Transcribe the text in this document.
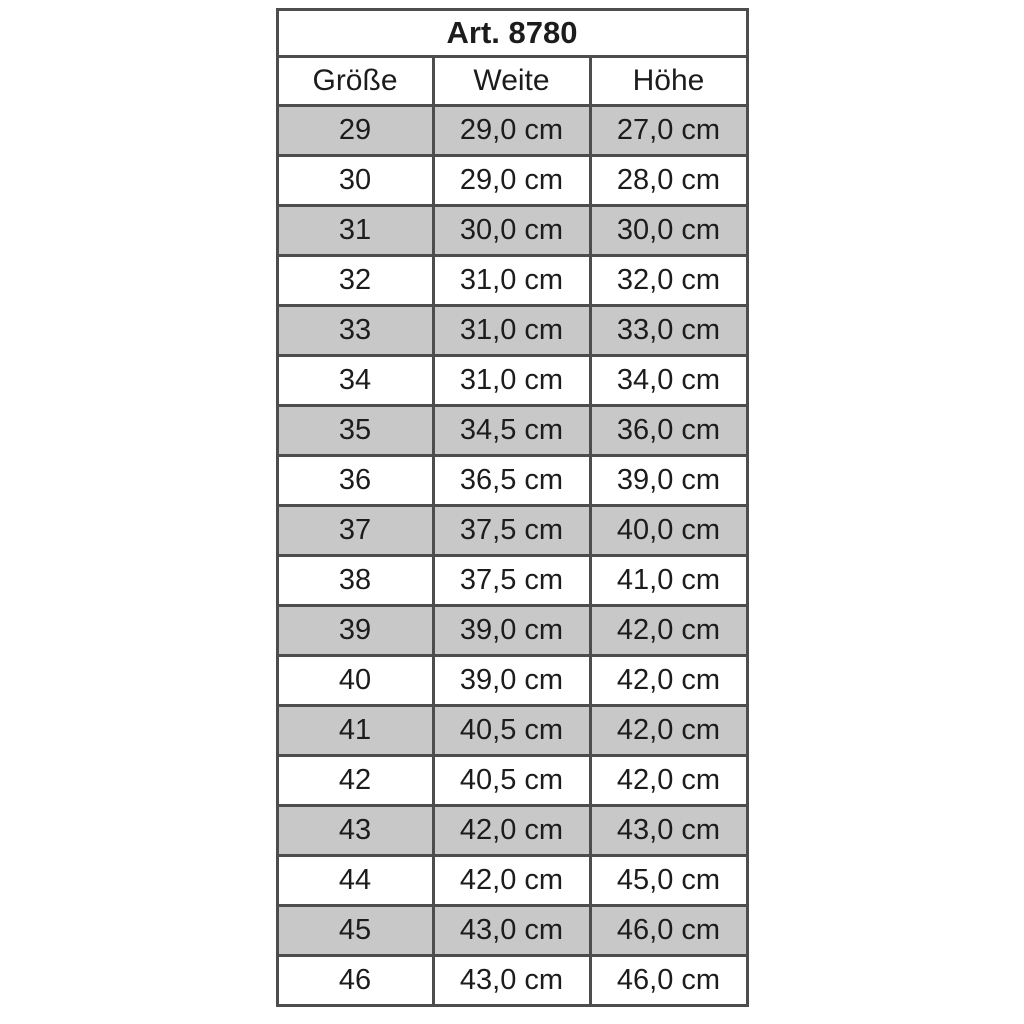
Art. 8780		
Größe	Weite	Höhe
29	29,0 cm	27,0 cm
30	29,0 cm	28,0 cm
31	30,0 cm	30,0 cm
32	31,0 cm	32,0 cm
33	31,0 cm	33,0 cm
34	31,0 cm	34,0 cm
35	34,5 cm	36,0 cm
36	36,5 cm	39,0 cm
37	37,5 cm	40,0 cm
38	37,5 cm	41,0 cm
39	39,0 cm	42,0 cm
40	39,0 cm	42,0 cm
41	40,5 cm	42,0 cm
42	40,5 cm	42,0 cm
43	42,0 cm	43,0 cm
44	42,0 cm	45,0 cm
45	43,0 cm	46,0 cm
46	43,0 cm	46,0 cm
